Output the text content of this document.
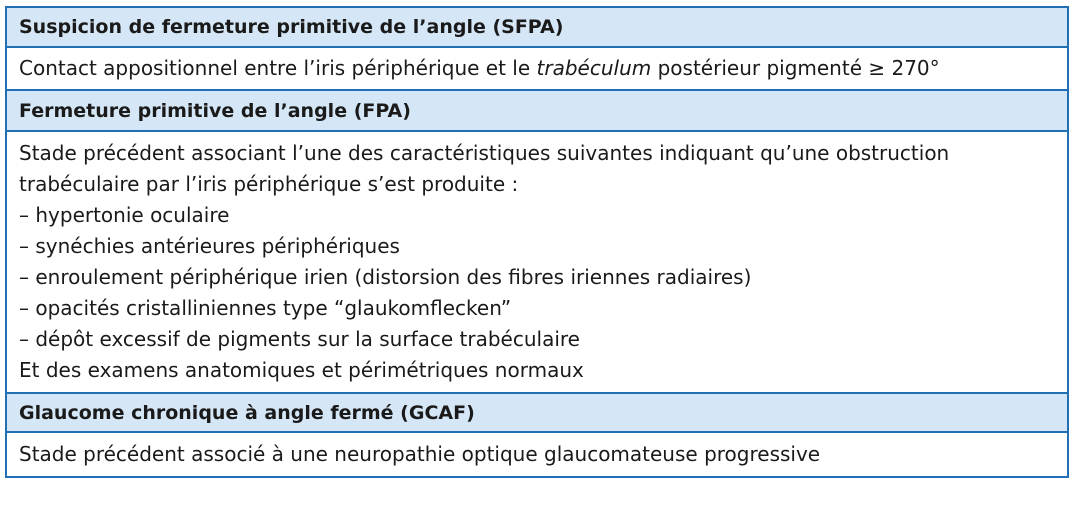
Suspicion de fermeture primitive de l’angle (SFPA)
Contact appositionnel entre l’iris périphérique et le trabéculum postérieur pigmenté ≥ 270°
Fermeture primitive de l’angle (FPA)
Stade précédent associant l’une des caractéristiques suivantes indiquant qu’une obstruction
trabéculaire par l’iris périphérique s’est produite :
– hypertonie oculaire
– synéchies antérieures périphériques
– enroulement périphérique irien (distorsion des fibres iriennes radiaires)
– opacités cristalliniennes type “glaukomflecken”
– dépôt excessif de pigments sur la surface trabéculaire
Et des examens anatomiques et périmétriques normaux
Glaucome chronique à angle fermé (GCAF)
Stade précédent associé à une neuropathie optique glaucomateuse progressive
